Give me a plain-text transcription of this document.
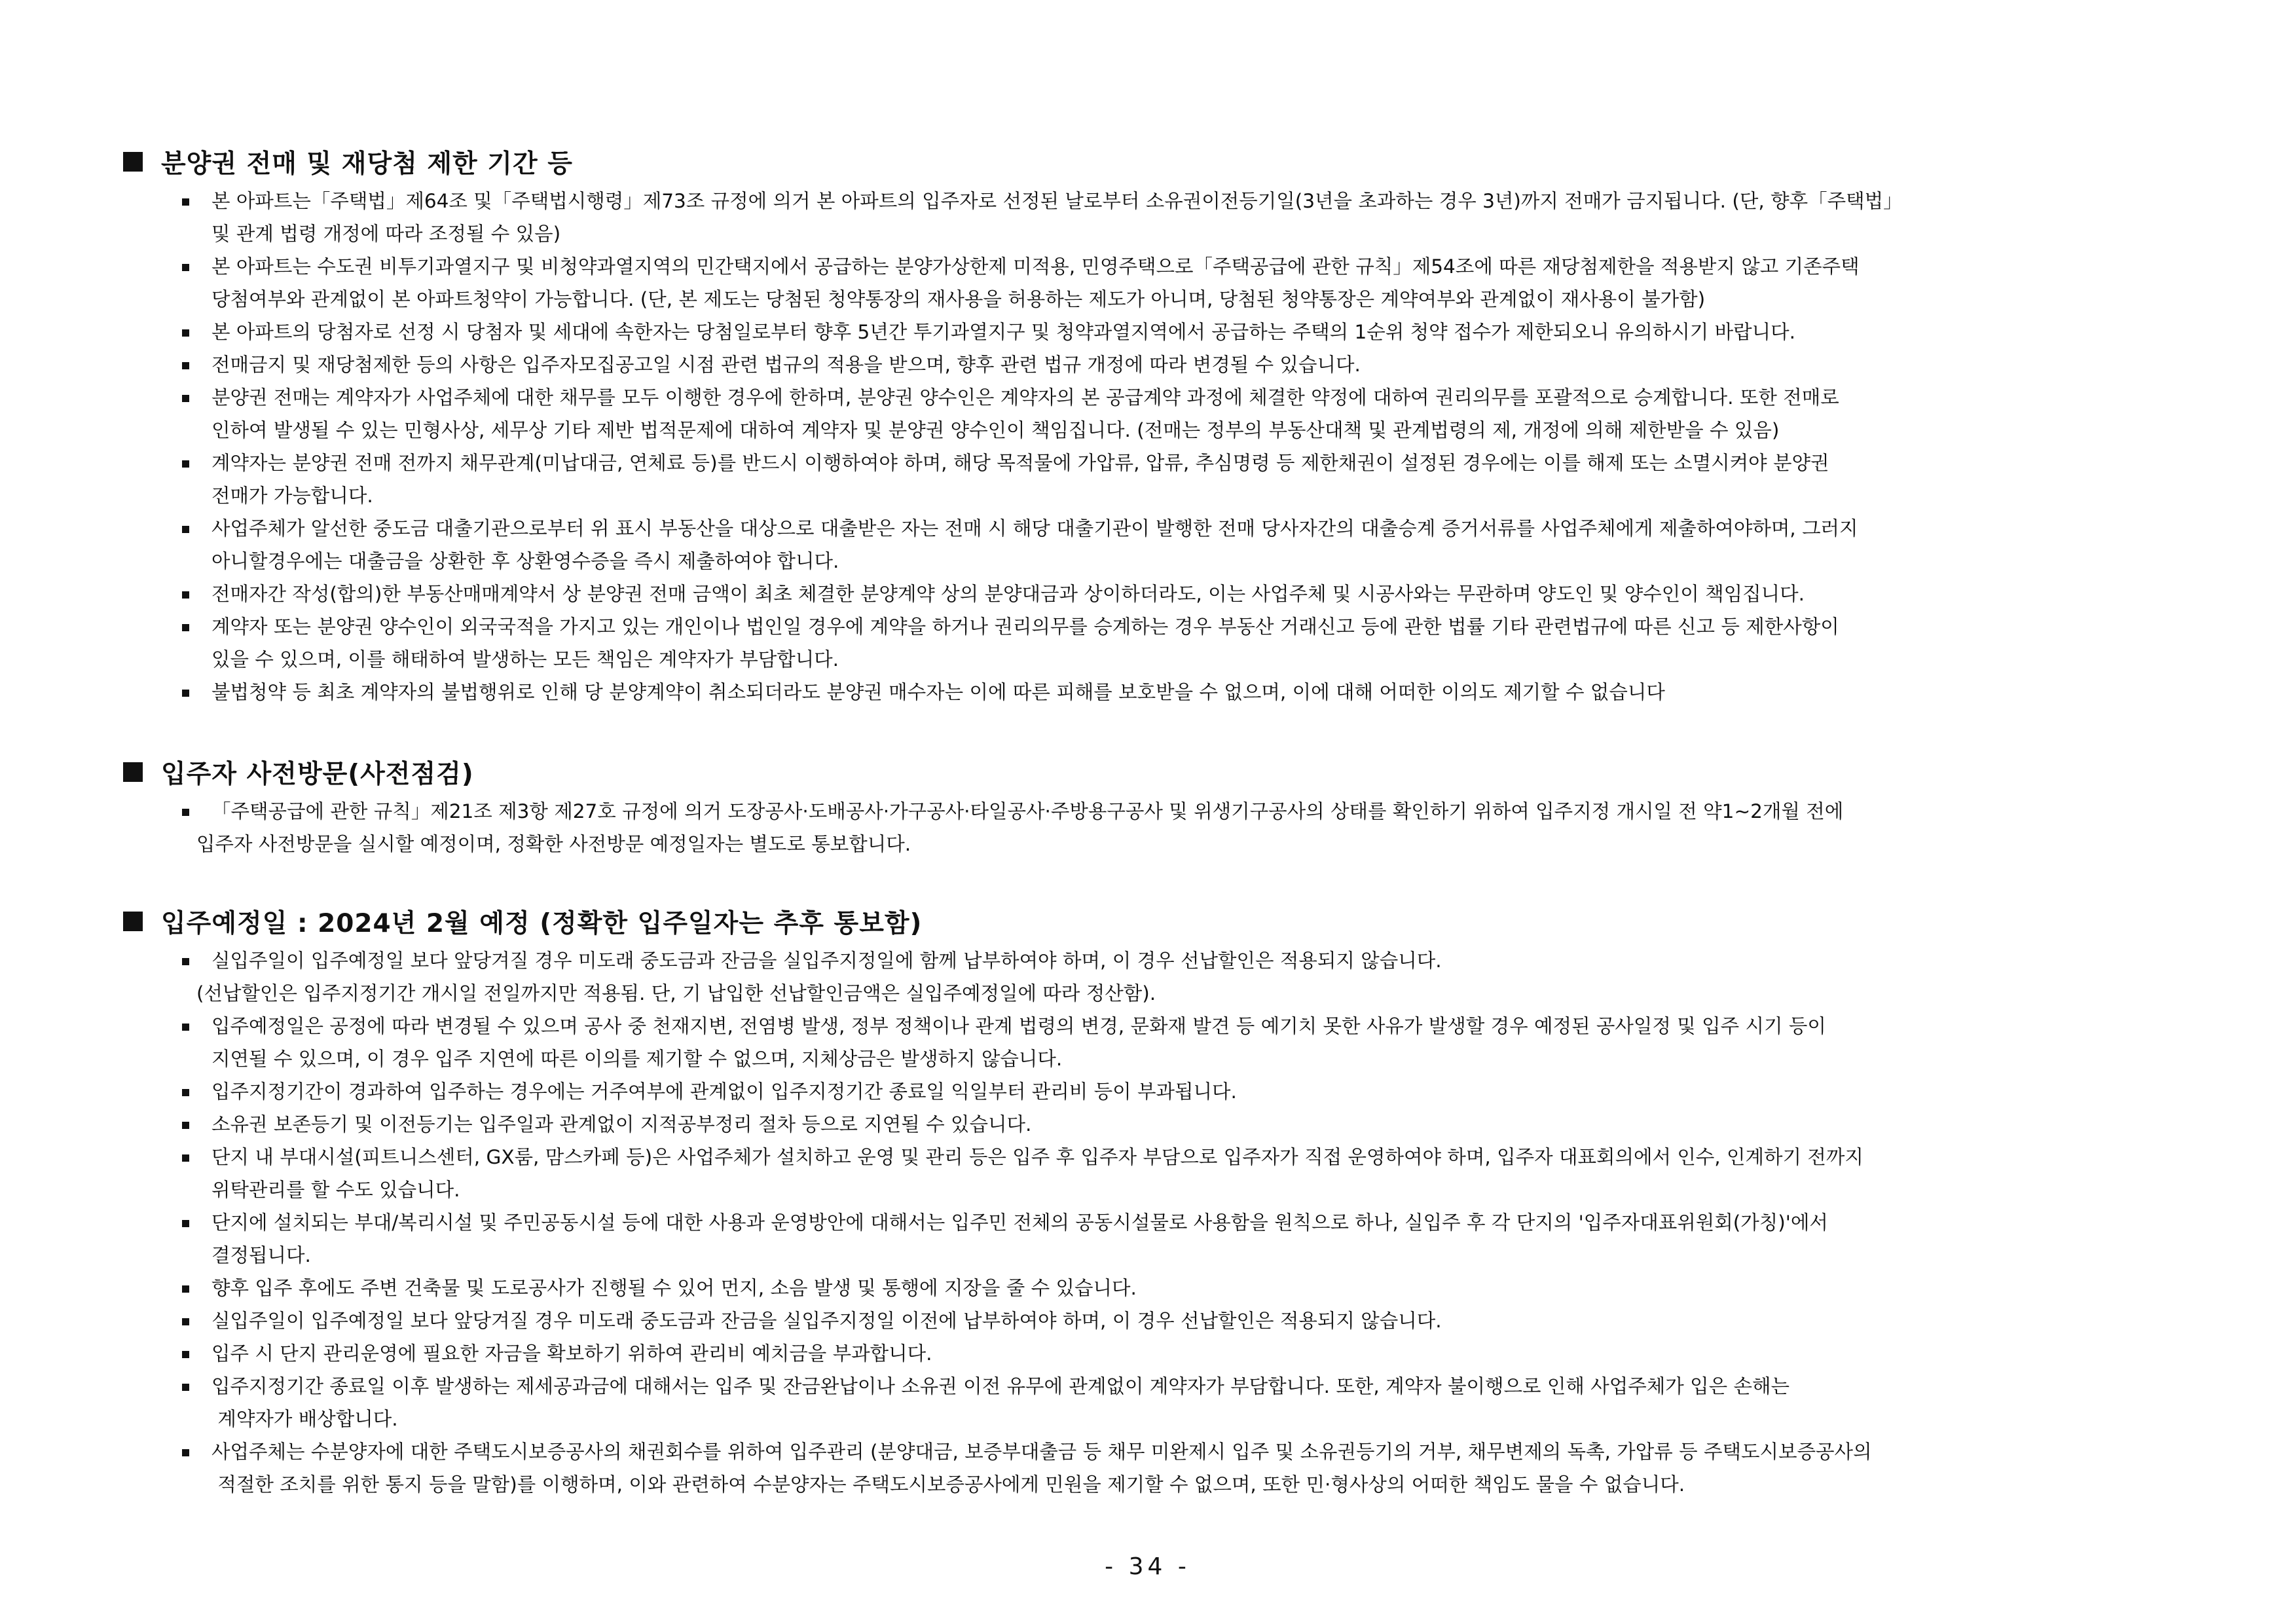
분양권 전매 및 재당첨 제한 기간 등
본 아파트는「주택법」제64조 및「주택법시행령」제73조 규정에 의거 본 아파트의 입주자로 선정된 날로부터 소유권이전등기일(3년을 초과하는 경우 3년)까지 전매가 금지됩니다. (단, 향후「주택법」
및 관계 법령 개정에 따라 조정될 수 있음)
본 아파트는 수도권 비투기과열지구 및 비청약과열지역의 민간택지에서 공급하는 분양가상한제 미적용, 민영주택으로「주택공급에 관한 규칙」제54조에 따른 재당첨제한을 적용받지 않고 기존주택
당첨여부와 관계없이 본 아파트청약이 가능합니다. (단, 본 제도는 당첨된 청약통장의 재사용을 허용하는 제도가 아니며, 당첨된 청약통장은 계약여부와 관계없이 재사용이 불가함)
본 아파트의 당첨자로 선정 시 당첨자 및 세대에 속한자는 당첨일로부터 향후 5년간 투기과열지구 및 청약과열지역에서 공급하는 주택의 1순위 청약 접수가 제한되오니 유의하시기 바랍니다.
전매금지 및 재당첨제한 등의 사항은 입주자모집공고일 시점 관련 법규의 적용을 받으며, 향후 관련 법규 개정에 따라 변경될 수 있습니다.
분양권 전매는 계약자가 사업주체에 대한 채무를 모두 이행한 경우에 한하며, 분양권 양수인은 계약자의 본 공급계약 과정에 체결한 약정에 대하여 권리의무를 포괄적으로 승계합니다. 또한 전매로
인하여 발생될 수 있는 민형사상, 세무상 기타 제반 법적문제에 대하여 계약자 및 분양권 양수인이 책임집니다. (전매는 정부의 부동산대책 및 관계법령의 제, 개정에 의해 제한받을 수 있음)
계약자는 분양권 전매 전까지 채무관계(미납대금, 연체료 등)를 반드시 이행하여야 하며, 해당 목적물에 가압류, 압류, 추심명령 등 제한채권이 설정된 경우에는 이를 해제 또는 소멸시켜야 분양권
전매가 가능합니다.
사업주체가 알선한 중도금 대출기관으로부터 위 표시 부동산을 대상으로 대출받은 자는 전매 시 해당 대출기관이 발행한 전매 당사자간의 대출승계 증거서류를 사업주체에게 제출하여야하며, 그러지
아니할경우에는 대출금을 상환한 후 상환영수증을 즉시 제출하여야 합니다.
전매자간 작성(합의)한 부동산매매계약서 상 분양권 전매 금액이 최초 체결한 분양계약 상의 분양대금과 상이하더라도, 이는 사업주체 및 시공사와는 무관하며 양도인 및 양수인이 책임집니다.
계약자 또는 분양권 양수인이 외국국적을 가지고 있는 개인이나 법인일 경우에 계약을 하거나 권리의무를 승계하는 경우 부동산 거래신고 등에 관한 법률 기타 관련법규에 따른 신고 등 제한사항이
있을 수 있으며, 이를 해태하여 발생하는 모든 책임은 계약자가 부담합니다.
불법청약 등 최초 계약자의 불법행위로 인해 당 분양계약이 취소되더라도 분양권 매수자는 이에 따른 피해를 보호받을 수 없으며, 이에 대해 어떠한 이의도 제기할 수 없습니다
입주자 사전방문(사전점검)
「주택공급에 관한 규칙」제21조 제3항 제27호 규정에 의거 도장공사·도배공사·가구공사·타일공사·주방용구공사 및 위생기구공사의 상태를 확인하기 위하여 입주지정 개시일 전 약1~2개월 전에
입주자 사전방문을 실시할 예정이며, 정확한 사전방문 예정일자는 별도로 통보합니다.
입주예정일 : 2024년 2월 예정 (정확한 입주일자는 추후 통보함)
실입주일이 입주예정일 보다 앞당겨질 경우 미도래 중도금과 잔금을 실입주지정일에 함께 납부하여야 하며, 이 경우 선납할인은 적용되지 않습니다.
(선납할인은 입주지정기간 개시일 전일까지만 적용됨. 단, 기 납입한 선납할인금액은 실입주예정일에 따라 정산함).
입주예정일은 공정에 따라 변경될 수 있으며 공사 중 천재지변, 전염병 발생, 정부 정책이나 관계 법령의 변경, 문화재 발견 등 예기치 못한 사유가 발생할 경우 예정된 공사일정 및 입주 시기 등이
지연될 수 있으며, 이 경우 입주 지연에 따른 이의를 제기할 수 없으며, 지체상금은 발생하지 않습니다.
입주지정기간이 경과하여 입주하는 경우에는 거주여부에 관계없이 입주지정기간 종료일 익일부터 관리비 등이 부과됩니다.
소유권 보존등기 및 이전등기는 입주일과 관계없이 지적공부정리 절차 등으로 지연될 수 있습니다.
단지 내 부대시설(피트니스센터, GX룸, 맘스카페 등)은 사업주체가 설치하고 운영 및 관리 등은 입주 후 입주자 부담으로 입주자가 직접 운영하여야 하며, 입주자 대표회의에서 인수, 인계하기 전까지
위탁관리를 할 수도 있습니다.
단지에 설치되는 부대/복리시설 및 주민공동시설 등에 대한 사용과 운영방안에 대해서는 입주민 전체의 공동시설물로 사용함을 원칙으로 하나, 실입주 후 각 단지의 '입주자대표위원회(가칭)'에서
결정됩니다.
향후 입주 후에도 주변 건축물 및 도로공사가 진행될 수 있어 먼지, 소음 발생 및 통행에 지장을 줄 수 있습니다.
실입주일이 입주예정일 보다 앞당겨질 경우 미도래 중도금과 잔금을 실입주지정일 이전에 납부하여야 하며, 이 경우 선납할인은 적용되지 않습니다.
입주 시 단지 관리운영에 필요한 자금을 확보하기 위하여 관리비 예치금을 부과합니다.
입주지정기간 종료일 이후 발생하는 제세공과금에 대해서는 입주 및 잔금완납이나 소유권 이전 유무에 관계없이 계약자가 부담합니다. 또한, 계약자 불이행으로 인해 사업주체가 입은 손해는
계약자가 배상합니다.
사업주체는 수분양자에 대한 주택도시보증공사의 채권회수를 위하여 입주관리 (분양대금, 보증부대출금 등 채무 미완제시 입주 및 소유권등기의 거부, 채무변제의 독촉, 가압류 등 주택도시보증공사의
적절한 조치를 위한 통지 등을 말함)를 이행하며, 이와 관련하여 수분양자는 주택도시보증공사에게 민원을 제기할 수 없으며, 또한 민·형사상의 어떠한 책임도 물을 수 없습니다.
- 34 -
